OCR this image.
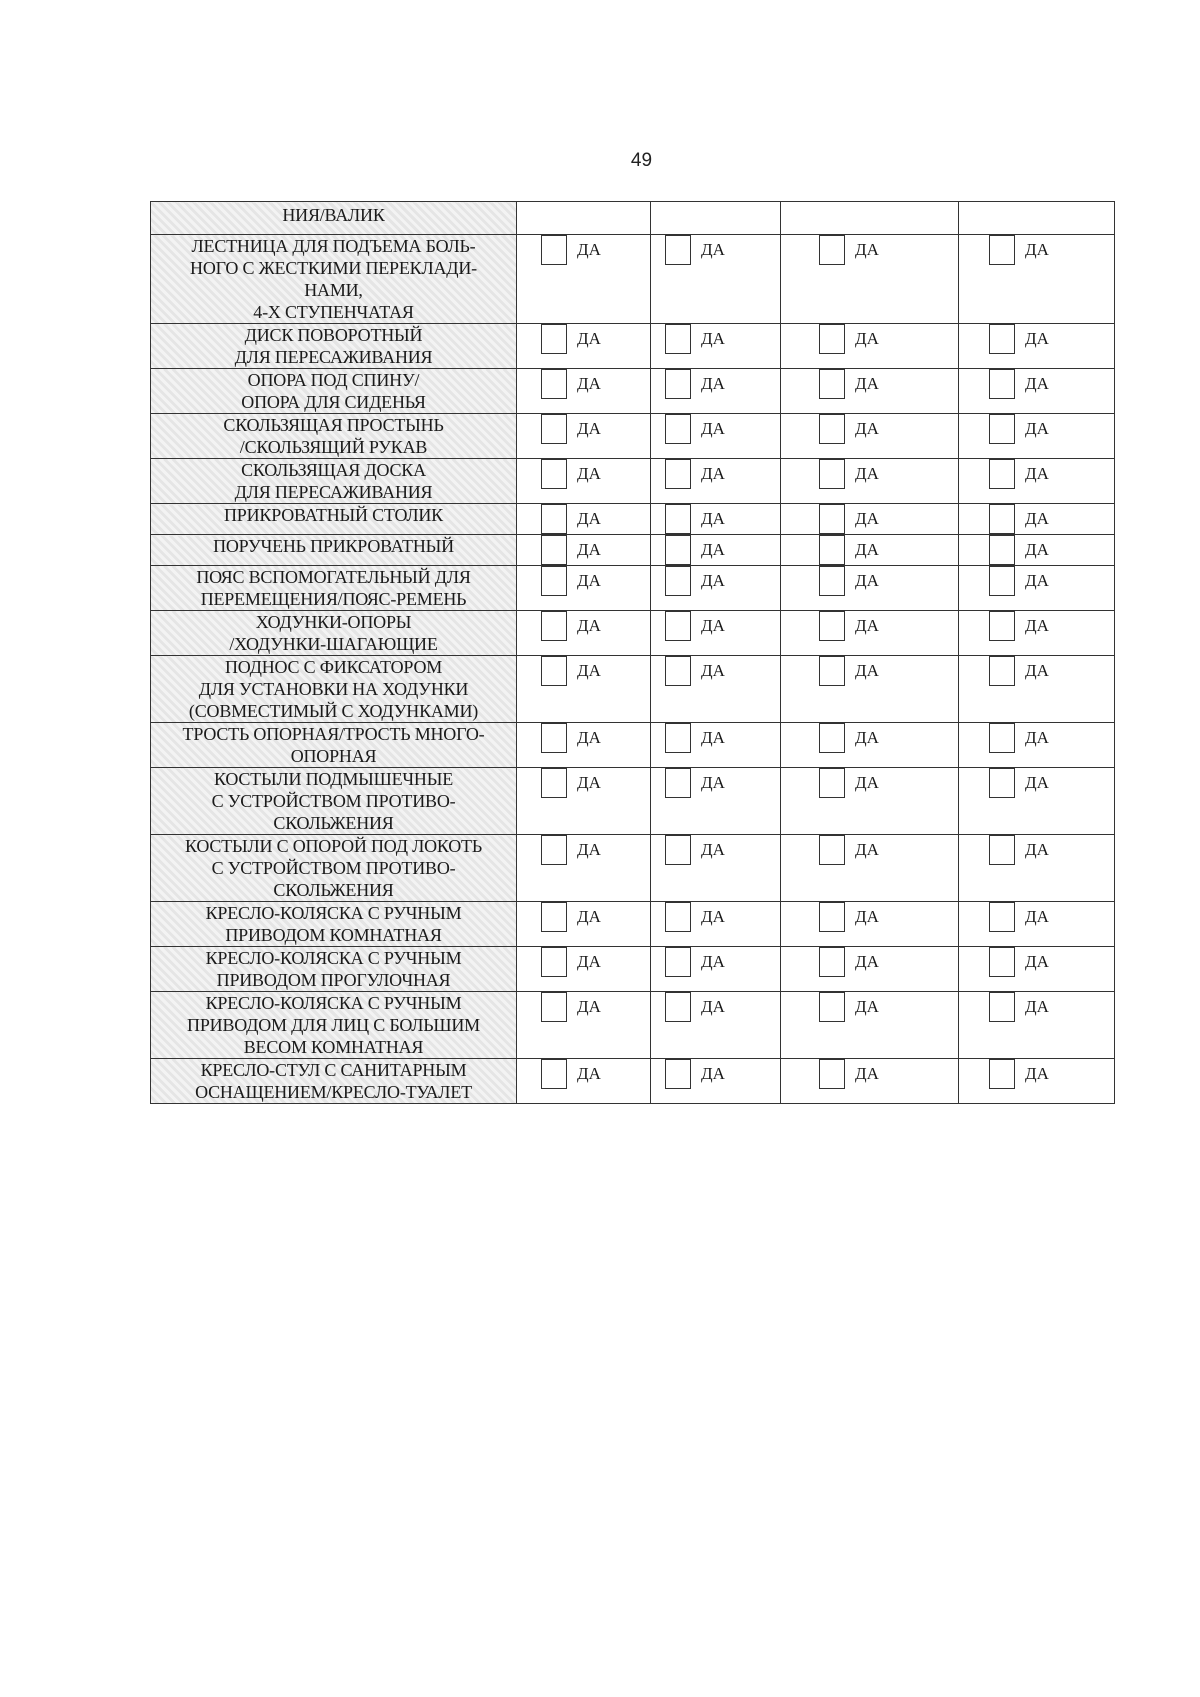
49
НИЯ/ВАЛИК				

ЛЕСТНИЦА ДЛЯ ПОДЪЕМА БОЛЬ-
НОГО С ЖЕСТКИМИ ПЕРЕКЛАДИ-
НАМИ,
4-Х СТУПЕНЧАТАЯ	ДА	ДА	ДА	ДА

ДИСК ПОВОРОТНЫЙ
ДЛЯ ПЕРЕСАЖИВАНИЯ	ДА	ДА	ДА	ДА

ОПОРА ПОД СПИНУ/
ОПОРА ДЛЯ СИДЕНЬЯ	ДА	ДА	ДА	ДА

СКОЛЬЗЯЩАЯ ПРОСТЫНЬ
/СКОЛЬЗЯЩИЙ РУКАВ	ДА	ДА	ДА	ДА

СКОЛЬЗЯЩАЯ ДОСКА
ДЛЯ ПЕРЕСАЖИВАНИЯ	ДА	ДА	ДА	ДА

ПРИКРОВАТНЫЙ СТОЛИК	ДА	ДА	ДА	ДА

ПОРУЧЕНЬ ПРИКРОВАТНЫЙ	ДА	ДА	ДА	ДА

ПОЯС ВСПОМОГАТЕЛЬНЫЙ ДЛЯ
ПЕРЕМЕЩЕНИЯ/ПОЯС-РЕМЕНЬ	ДА	ДА	ДА	ДА

ХОДУНКИ-ОПОРЫ
/ХОДУНКИ-ШАГАЮЩИЕ	ДА	ДА	ДА	ДА

ПОДНОС С ФИКСАТОРОМ
ДЛЯ УСТАНОВКИ НА ХОДУНКИ
(СОВМЕСТИМЫЙ С ХОДУНКАМИ)	ДА	ДА	ДА	ДА

ТРОСТЬ ОПОРНАЯ/ТРОСТЬ МНОГО-
ОПОРНАЯ	ДА	ДА	ДА	ДА

КОСТЫЛИ ПОДМЫШЕЧНЫЕ
С УСТРОЙСТВОМ ПРОТИВО-
СКОЛЬЖЕНИЯ	ДА	ДА	ДА	ДА

КОСТЫЛИ С ОПОРОЙ ПОД ЛОКОТЬ
С УСТРОЙСТВОМ ПРОТИВО-
СКОЛЬЖЕНИЯ	ДА	ДА	ДА	ДА

КРЕСЛО-КОЛЯСКА С РУЧНЫМ
ПРИВОДОМ КОМНАТНАЯ	ДА	ДА	ДА	ДА

КРЕСЛО-КОЛЯСКА С РУЧНЫМ
ПРИВОДОМ ПРОГУЛОЧНАЯ	ДА	ДА	ДА	ДА

КРЕСЛО-КОЛЯСКА С РУЧНЫМ
ПРИВОДОМ ДЛЯ ЛИЦ С БОЛЬШИМ
ВЕСОМ КОМНАТНАЯ	ДА	ДА	ДА	ДА

КРЕСЛО-СТУЛ С САНИТАРНЫМ
ОСНАЩЕНИЕМ/КРЕСЛО-ТУАЛЕТ	ДА	ДА	ДА	ДА
